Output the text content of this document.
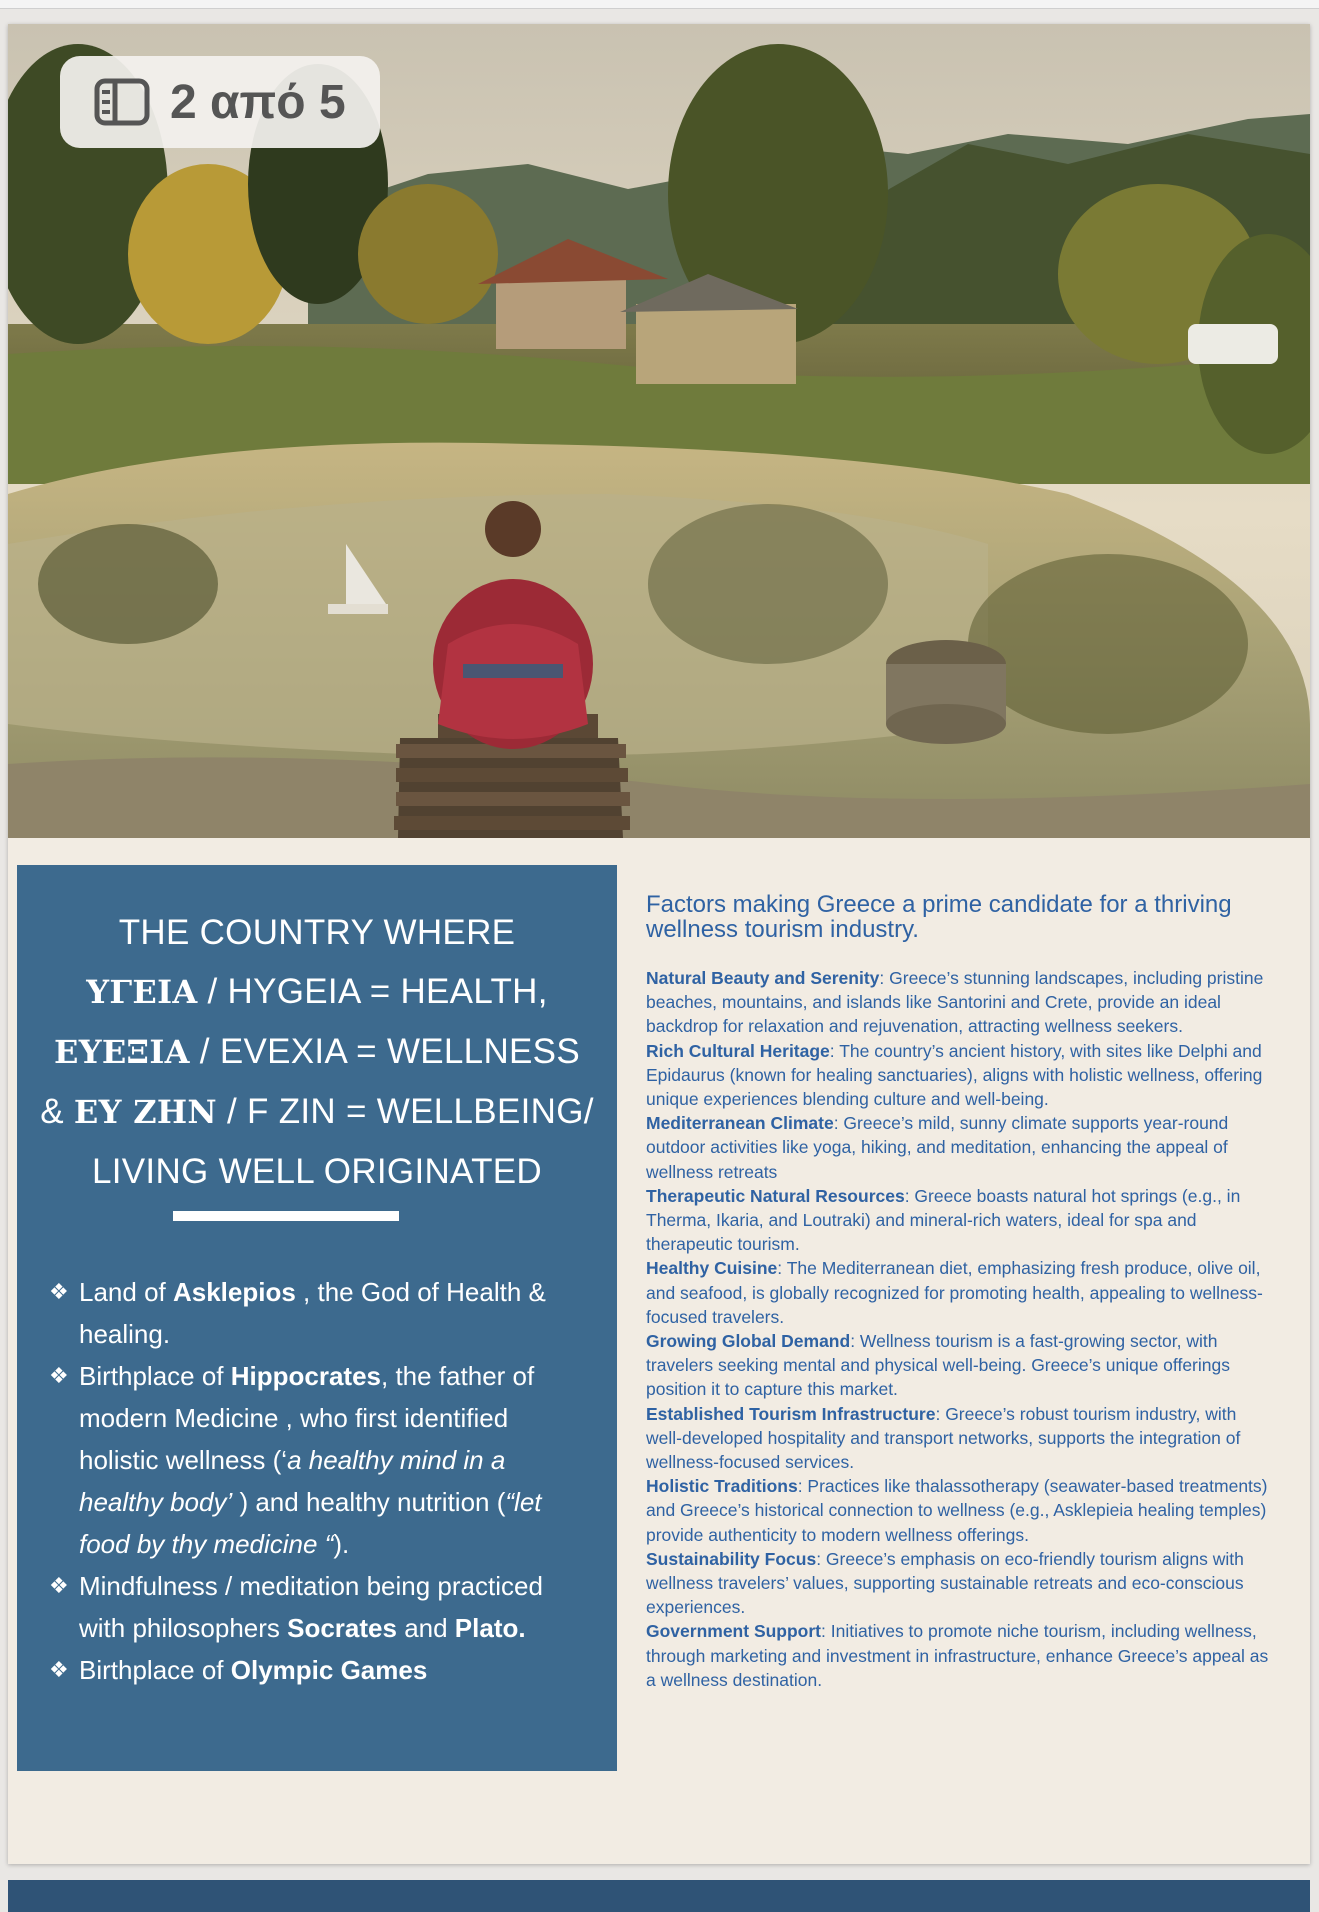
2 από 5
THE COUNTRY WHERE
ΥΓΕΙΑ / HYGEIA = HEALTH,
ΕΥΕΞΙΑ / EVEXIA = WELLNESS
& ΕΥ ΖΗΝ / F ZIN = WELLBEING/
LIVING WELL ORIGINATED
❖ Land of Asklepios , the God of Health & healing.
❖ Birthplace of Hippocrates, the father of modern Medicine , who first identified holistic wellness (‘a healthy mind in a healthy body’ ) and healthy nutrition (“let food by thy medicine “).
❖ Mindfulness / meditation being practiced with philosophers Socrates and Plato.
❖ Birthplace of Olympic Games

Factors making Greece a prime candidate for a thriving wellness tourism industry.

Natural Beauty and Serenity: Greece’s stunning landscapes, including pristine beaches, mountains, and islands like Santorini and Crete, provide an ideal backdrop for relaxation and rejuvenation, attracting wellness seekers.

Rich Cultural Heritage: The country’s ancient history, with sites like Delphi and Epidaurus (known for healing sanctuaries), aligns with holistic wellness, offering unique experiences blending culture and well-being.

Mediterranean Climate: Greece’s mild, sunny climate supports year-round outdoor activities like yoga, hiking, and meditation, enhancing the appeal of wellness retreats

Therapeutic Natural Resources: Greece boasts natural hot springs (e.g., in Therma, Ikaria, and Loutraki) and mineral-rich waters, ideal for spa and therapeutic tourism.

Healthy Cuisine: The Mediterranean diet, emphasizing fresh produce, olive oil, and seafood, is globally recognized for promoting health, appealing to wellness-focused travelers.

Growing Global Demand: Wellness tourism is a fast-growing sector, with travelers seeking mental and physical well-being. Greece’s unique offerings position it to capture this market.

Established Tourism Infrastructure: Greece’s robust tourism industry, with well-developed hospitality and transport networks, supports the integration of wellness-focused services.

Holistic Traditions: Practices like thalassotherapy (seawater-based treatments) and Greece’s historical connection to wellness (e.g., Asklepieia healing temples) provide authenticity to modern wellness offerings.

Sustainability Focus: Greece’s emphasis on eco-friendly tourism aligns with wellness travelers’ values, supporting sustainable retreats and eco-conscious experiences.

Government Support: Initiatives to promote niche tourism, including wellness, through marketing and investment in infrastructure, enhance Greece’s appeal as a wellness destination.
